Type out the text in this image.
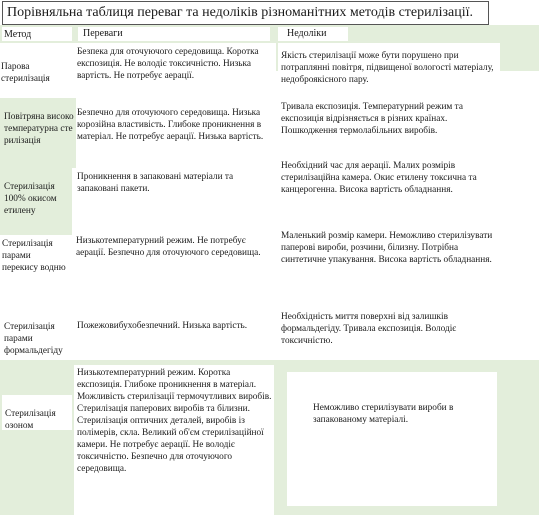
Порівняльна таблиця переваг та недоліків різноманітних методів стерилізації.
Метод	Переваги	Недоліки
Парова стерилізація
Безпека для оточуючого середовища. Коротка експозиція. Не володіє токсичністю. Низька вартість. Не потребує аерації.
Якість стерилізації може бути порушено при потраплянні повітря, підвищеної вологості матеріалу, недоброякісного пару.
Повітряна високотемпературна стерилізація
Безпечно для оточуючого середовища. Низька корозійна властивість. Глибоке проникнення в матеріал. Не потребує аерації. Низька вартість.
Тривала експозиція. Температурний режим та експозиція відрізняється в різних країнах. Пошкодження термолабільних виробів.
Стерилізація 100% окисом етилену
Проникнення в запаковані матеріали та запаковані пакети.
Необхідний час для аерації. Малих розмірів стерилізаційна камера. Окис етилену токсична та канцерогенна. Висока вартість обладнання.
Стерилізація парами перекису водню
Низькотемпературний режим. Не потребує аерації. Безпечно для оточуючого середовища.
Маленький розмір камери. Неможливо стерилізувати паперові вироби, розчини, білизну. Потрібна синтетичне упакування. Висока вартість обладнання.
Стерилізація парами формальдегіду
Пожежовибухобезпечний. Низька вартість.
Необхідність миття поверхні від залишків формальдегіду. Тривала експозиція. Володіє токсичністю.
Стерилізація озоном
Низькотемпературний режим. Коротка експозиція. Глибоке проникнення в матеріал. Можливість стерилізації термочутливих виробів. Стерилізація паперових виробів та білизни. Стерилізація оптичних деталей, виробів із полімерів, скла. Великий об'єм стерилізаційної камери. Не потребує аерації. Не володіє токсичністю. Безпечно для оточуючого середовища.
Неможливо стерилізувати вироби в запакованому матеріалі.
